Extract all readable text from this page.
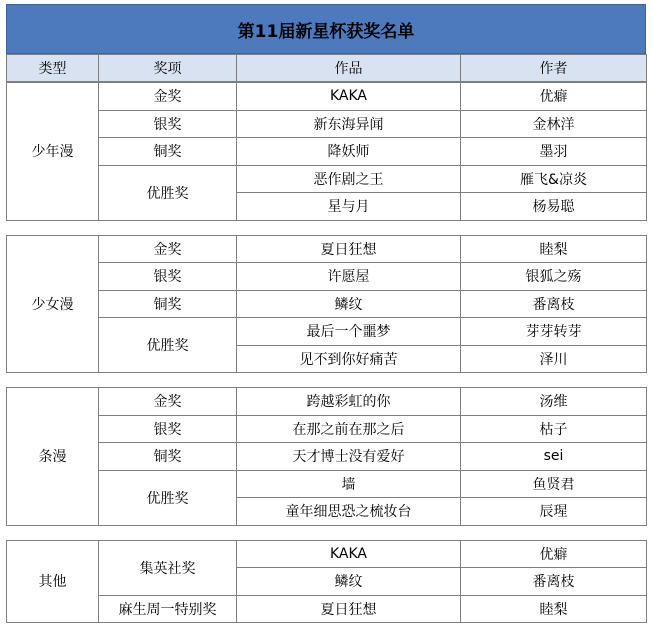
第11届新星杯获奖名单
类型	奖项	作品	作者
少年漫	金奖	KAKA	优癖
	银奖	新东海异闻	金林洋
	铜奖	降妖师	墨羽
	优胜奖	恶作剧之王	雁飞&凉炎
		星与月	杨易聪
少女漫	金奖	夏日狂想	睦梨
	银奖	许愿屋	银狐之殇
	铜奖	鳞纹	番离枝
	优胜奖	最后一个噩梦	芽芽转芽
		见不到你好痛苦	泽川
条漫	金奖	跨越彩虹的你	汤维
	银奖	在那之前在那之后	枯子
	铜奖	天才博士没有爱好	sei
	优胜奖	墙	鱼贤君
		童年细思恐之梳妆台	辰瑆
其他	集英社奖	KAKA	优癖
		鳞纹	番离枝
	麻生周一特别奖	夏日狂想	睦梨
